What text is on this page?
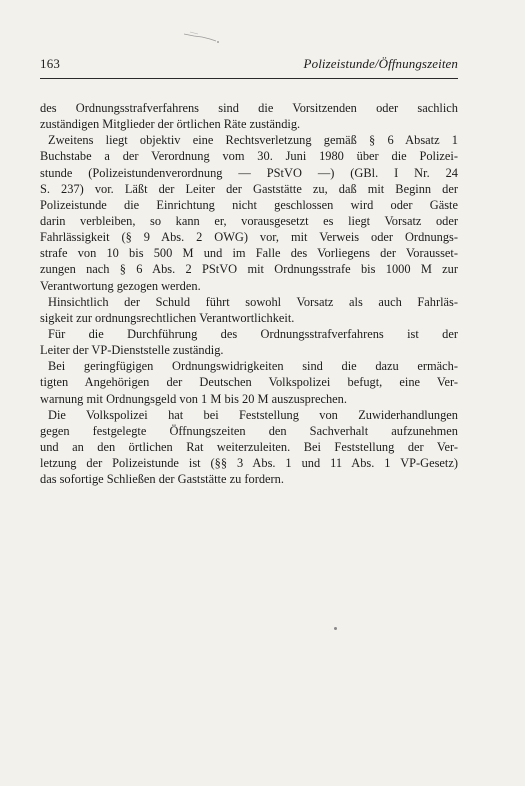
163	Polizeistunde/Öffnungszeiten
des Ordnungsstrafverfahrens sind die Vorsitzenden oder sachlich
zuständigen Mitglieder der örtlichen Räte zuständig.
Zweitens liegt objektiv eine Rechtsverletzung gemäß § 6 Absatz 1
Buchstabe a der Verordnung vom 30. Juni 1980 über die Polizei-
stunde (Polizeistundenverordnung — PStVO —) (GBl. I Nr. 24
S. 237) vor. Läßt der Leiter der Gaststätte zu, daß mit Beginn der
Polizeistunde die Einrichtung nicht geschlossen wird oder Gäste
darin verbleiben, so kann er, vorausgesetzt es liegt Vorsatz oder
Fahrlässigkeit (§ 9 Abs. 2 OWG) vor, mit Verweis oder Ordnungs-
strafe von 10 bis 500 M und im Falle des Vorliegens der Vorausset-
zungen nach § 6 Abs. 2 PStVO mit Ordnungsstrafe bis 1000 M zur
Verantwortung gezogen werden.
Hinsichtlich der Schuld führt sowohl Vorsatz als auch Fahrläs-
sigkeit zur ordnungsrechtlichen Verantwortlichkeit.
Für die Durchführung des Ordnungsstrafverfahrens ist der
Leiter der VP-Dienststelle zuständig.
Bei geringfügigen Ordnungswidrigkeiten sind die dazu ermäch-
tigten Angehörigen der Deutschen Volkspolizei befugt, eine Ver-
warnung mit Ordnungsgeld von 1 M bis 20 M auszusprechen.
Die Volkspolizei hat bei Feststellung von Zuwiderhandlungen
gegen festgelegte Öffnungszeiten den Sachverhalt aufzunehmen
und an den örtlichen Rat weiterzuleiten. Bei Feststellung der Ver-
letzung der Polizeistunde ist (§§ 3 Abs. 1 und 11 Abs. 1 VP-Gesetz)
das sofortige Schließen der Gaststätte zu fordern.
